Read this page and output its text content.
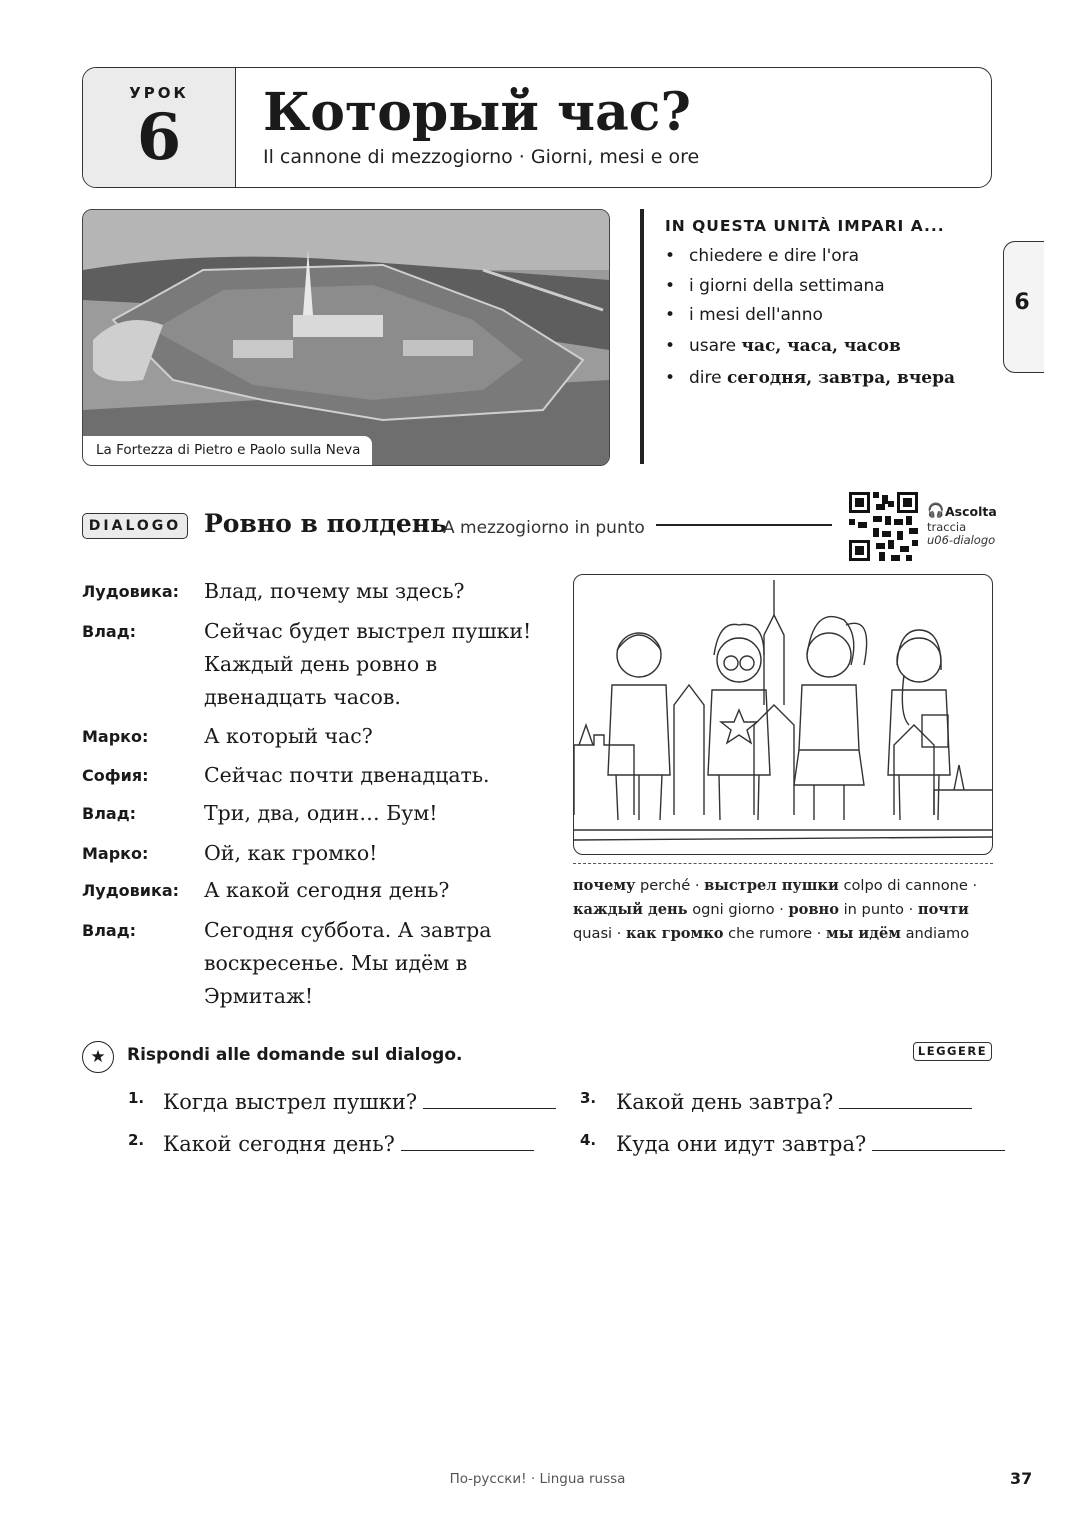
УРОК
6	Который час?
Il cannone di mezzogiorno · Giorni, mesi e ore
6
La Fortezza di Pietro e Paolo sulla Neva
IN QUESTA UNITÀ IMPARI A...
• chiedere e dire l'ora
• i giorni della settimana
• i mesi dell'anno
• usare час, часа, часов
• dire сегодня, завтра, вчера
DIALOGO Ровно в полдень
A mezzogiorno in punto
🎧 Ascolta
traccia
u06-dialogo
Лудовика: Влад, почему мы здесь?
Влад:	Сейчас будет выстрел пушки! Каждый день ровно в двенадцать часов.
Марко:	А который час?
София:	Сейчас почти двенадцать.
Влад:	Три, два, один… Бум!
Марко:	Ой, как громко!
Лудовика: А какой сегодня день?
Влад:	Сегодня суббота. А завтра воскресенье. Мы идём в Эрмитаж!
почему perché · выстрел пушки colpo di cannone · каждый день ogni giorno · ровно in punto · почти quasi · как громко che rumore · мы идём andiamo
★	Rispondi alle domande sul dialogo.	LEGGERE
1. Когда выстрел пушки?
2. Какой сегодня день?
3. Какой день завтра?
4. Куда они идут завтра?
По-русски! · Lingua russa	37
